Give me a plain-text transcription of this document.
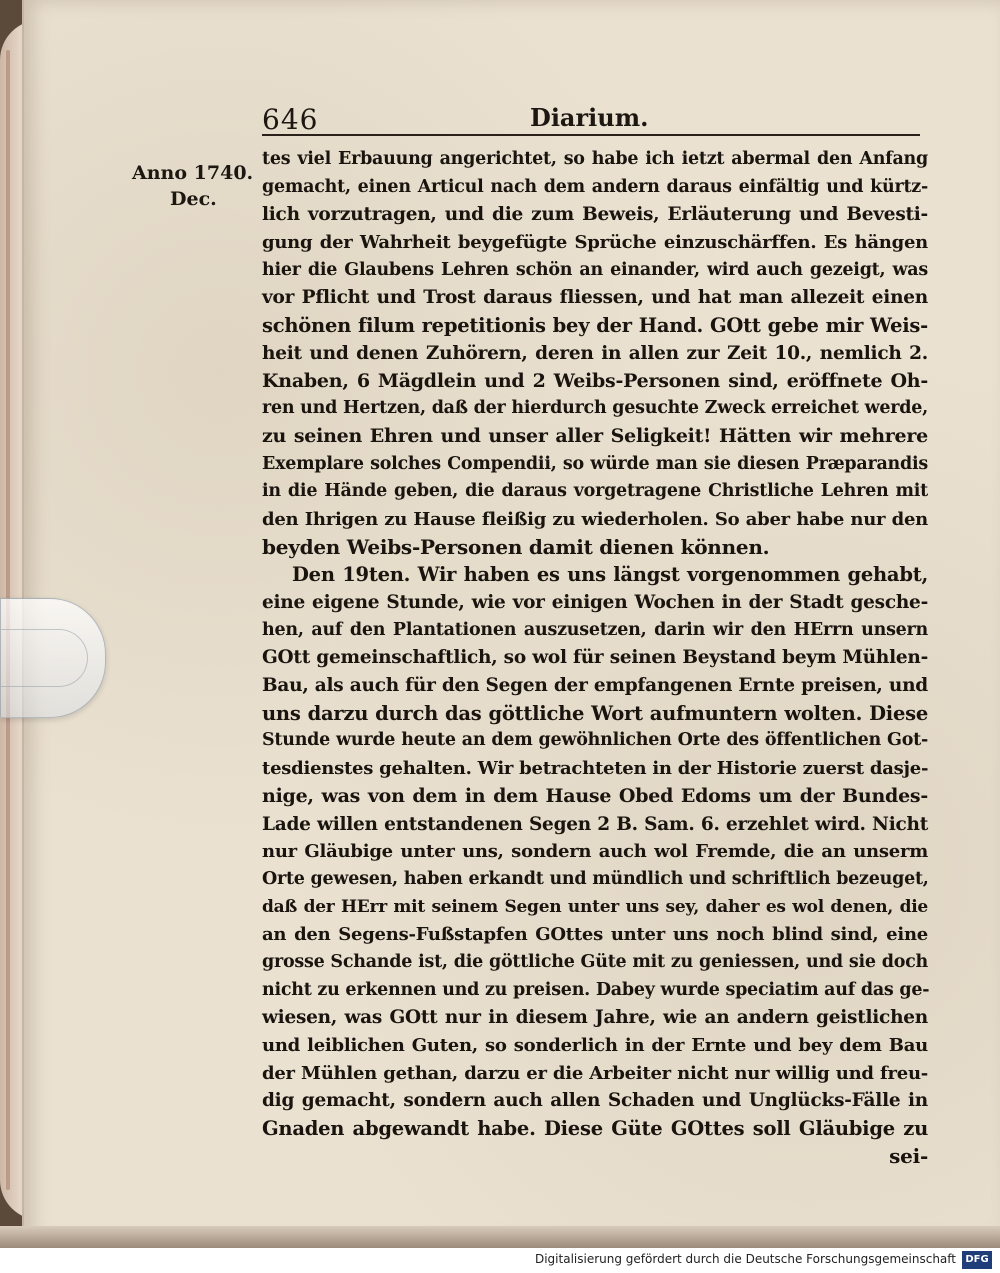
646	Diarium.
Anno 1740.
Dec.
tes viel Erbauung angerichtet, so habe ich ietzt abermal den Anfang
gemacht, einen Articul nach dem andern daraus einfältig und kürtz-
lich vorzutragen, und die zum Beweis, Erläuterung und Bevesti-
gung der Wahrheit beygefügte Sprüche einzuschärffen. Es hängen
hier die Glaubens Lehren schön an einander, wird auch gezeigt, was
vor Pflicht und Trost daraus fliessen, und hat man allezeit einen
schönen filum repetitionis bey der Hand. GOtt gebe mir Weis-
heit und denen Zuhörern, deren in allen zur Zeit 10., nemlich 2.
Knaben, 6 Mägdlein und 2 Weibs-Personen sind, eröffnete Oh-
ren und Hertzen, daß der hierdurch gesuchte Zweck erreichet werde,
zu seinen Ehren und unser aller Seligkeit! Hätten wir mehrere
Exemplare solches Compendii, so würde man sie diesen Præparandis
in die Hände geben, die daraus vorgetragene Christliche Lehren mit
den Ihrigen zu Hause fleißig zu wiederholen. So aber habe nur den
beyden Weibs-Personen damit dienen können.
Den 19ten. Wir haben es uns längst vorgenommen gehabt,
eine eigene Stunde, wie vor einigen Wochen in der Stadt gesche-
hen, auf den Plantationen auszusetzen, darin wir den HErrn unsern
GOtt gemeinschaftlich, so wol für seinen Beystand beym Mühlen-
Bau, als auch für den Segen der empfangenen Ernte preisen, und
uns darzu durch das göttliche Wort aufmuntern wolten. Diese
Stunde wurde heute an dem gewöhnlichen Orte des öffentlichen Got-
tesdienstes gehalten. Wir betrachteten in der Historie zuerst dasje-
nige, was von dem in dem Hause Obed Edoms um der Bundes-
Lade willen entstandenen Segen 2 B. Sam. 6. erzehlet wird. Nicht
nur Gläubige unter uns, sondern auch wol Fremde, die an unserm
Orte gewesen, haben erkandt und mündlich und schriftlich bezeuget,
daß der HErr mit seinem Segen unter uns sey, daher es wol denen, die
an den Segens-Fußstapfen GOttes unter uns noch blind sind, eine
grosse Schande ist, die göttliche Güte mit zu geniessen, und sie doch
nicht zu erkennen und zu preisen. Dabey wurde speciatim auf das ge-
wiesen, was GOtt nur in diesem Jahre, wie an andern geistlichen
und leiblichen Guten, so sonderlich in der Ernte und bey dem Bau
der Mühlen gethan, darzu er die Arbeiter nicht nur willig und freu-
dig gemacht, sondern auch allen Schaden und Unglücks-Fälle in
Gnaden abgewandt habe. Diese Güte GOttes soll Gläubige zu
sei-
Digitalisierung gefördert durch die Deutsche Forschungsgemeinschaft DFG
